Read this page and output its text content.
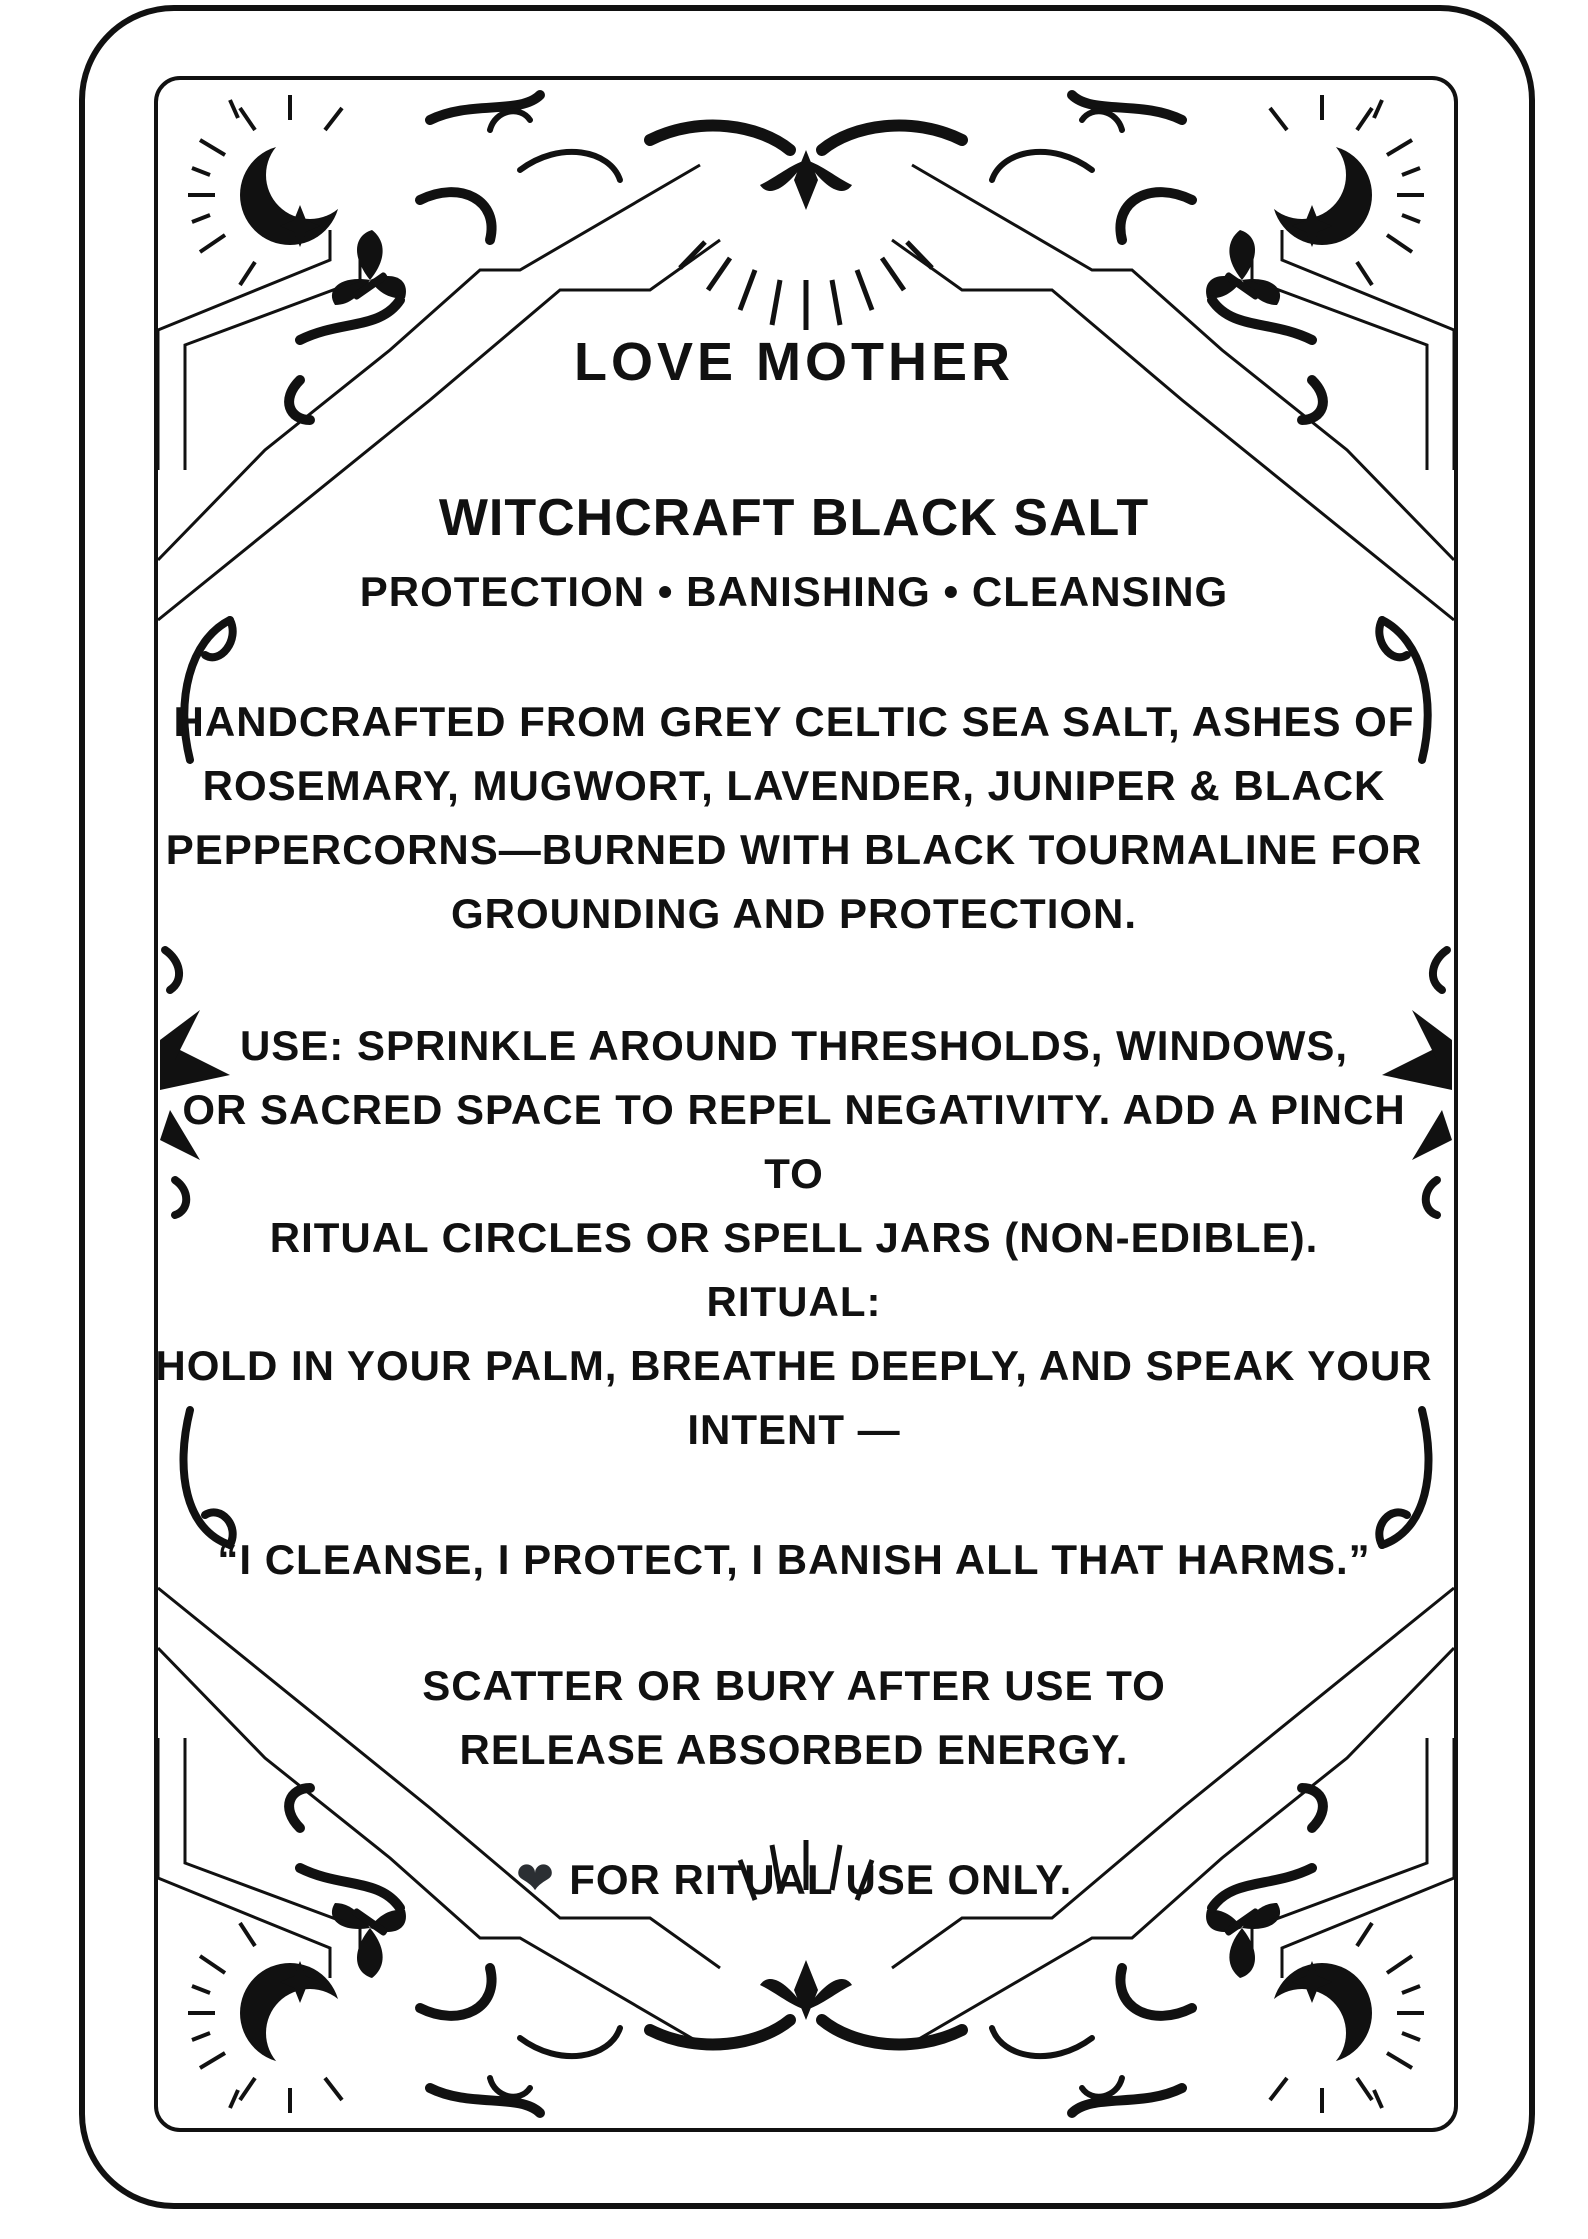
LOVE MOTHER
WITCHCRAFT BLACK SALT
PROTECTION • BANISHING • CLEANSING
HANDCRAFTED FROM GREY CELTIC SEA SALT, ASHES OF
ROSEMARY, MUGWORT, LAVENDER, JUNIPER & BLACK
PEPPERCORNS—BURNED WITH BLACK TOURMALINE FOR
GROUNDING AND PROTECTION.
USE: SPRINKLE AROUND THRESHOLDS, WINDOWS,
OR SACRED SPACE TO REPEL NEGATIVITY. ADD A PINCH TO
RITUAL CIRCLES OR SPELL JARS (NON-EDIBLE).
RITUAL:
HOLD IN YOUR PALM, BREATHE DEEPLY, AND SPEAK YOUR
INTENT —
“I CLEANSE, I PROTECT, I BANISH ALL THAT HARMS.”
SCATTER OR BURY AFTER USE TO
RELEASE ABSORBED ENERGY.
❤ FOR RITUAL USE ONLY.
